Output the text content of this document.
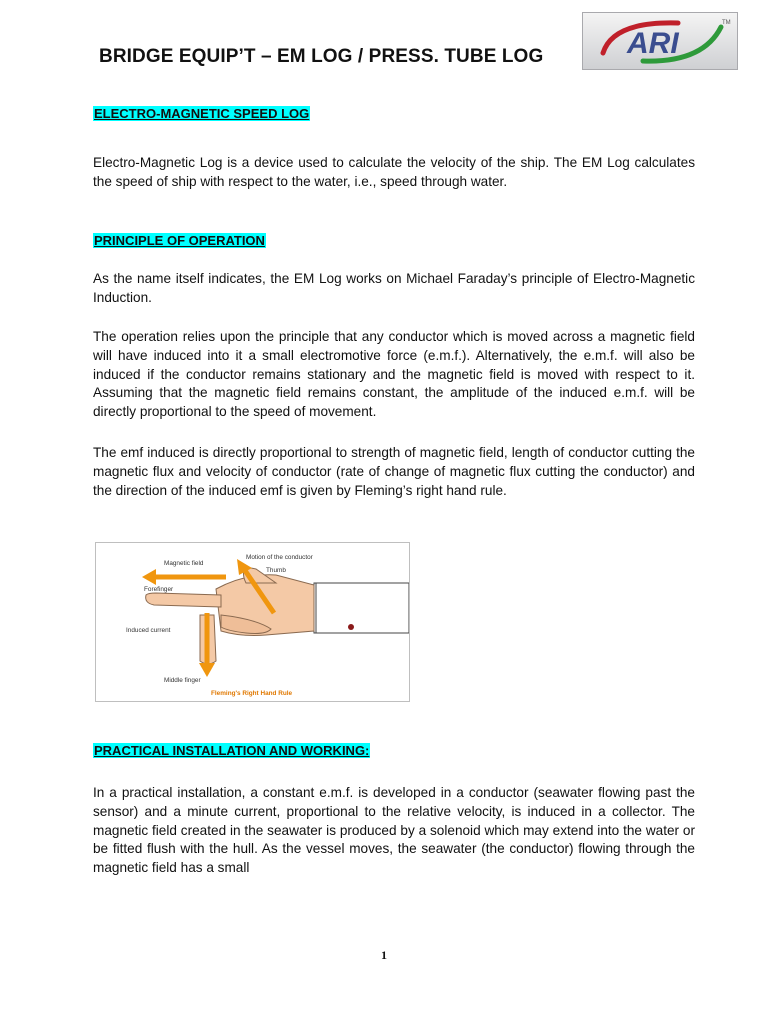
BRIDGE EQUIP’T – EM LOG / PRESS. TUBE LOG	ARI
TM
ELECTRO-MAGNETIC SPEED LOG

Electro-Magnetic Log is a device used to calculate the velocity of the ship. The EM Log calculates the speed of ship with respect to the water, i.e., speed through water.

PRINCIPLE OF OPERATION

As the name itself indicates, the EM Log works on Michael Faraday’s principle of Electro-Magnetic Induction.

The operation relies upon the principle that any conductor which is moved across a magnetic field will have induced into it a small electromotive force (e.m.f.). Alternatively, the e.m.f. will also be induced if the conductor remains stationary and the magnetic field is moved with respect to it. Assuming that the magnetic field remains constant, the amplitude of the induced e.m.f. will be directly proportional to the speed of movement.

The emf induced is directly proportional to strength of magnetic field, length of conductor cutting the magnetic flux and velocity of conductor (rate of change of magnetic flux cutting the conductor) and the direction of the induced emf is given by Fleming’s right hand rule.

Magnetic field
Motion of the conductor
Thumb
Forefinger
Induced current
Middle finger
Fleming's Right Hand Rule
PRACTICAL INSTALLATION AND WORKING:

In a practical installation, a constant e.m.f. is developed in a conductor (seawater flowing past the sensor) and a minute current, proportional to the relative velocity, is induced in a collector. The magnetic field created in the seawater is produced by a solenoid which may extend into the water or be fitted flush with the hull. As the vessel moves, the seawater (the conductor) flowing through the magnetic field has a small

1
